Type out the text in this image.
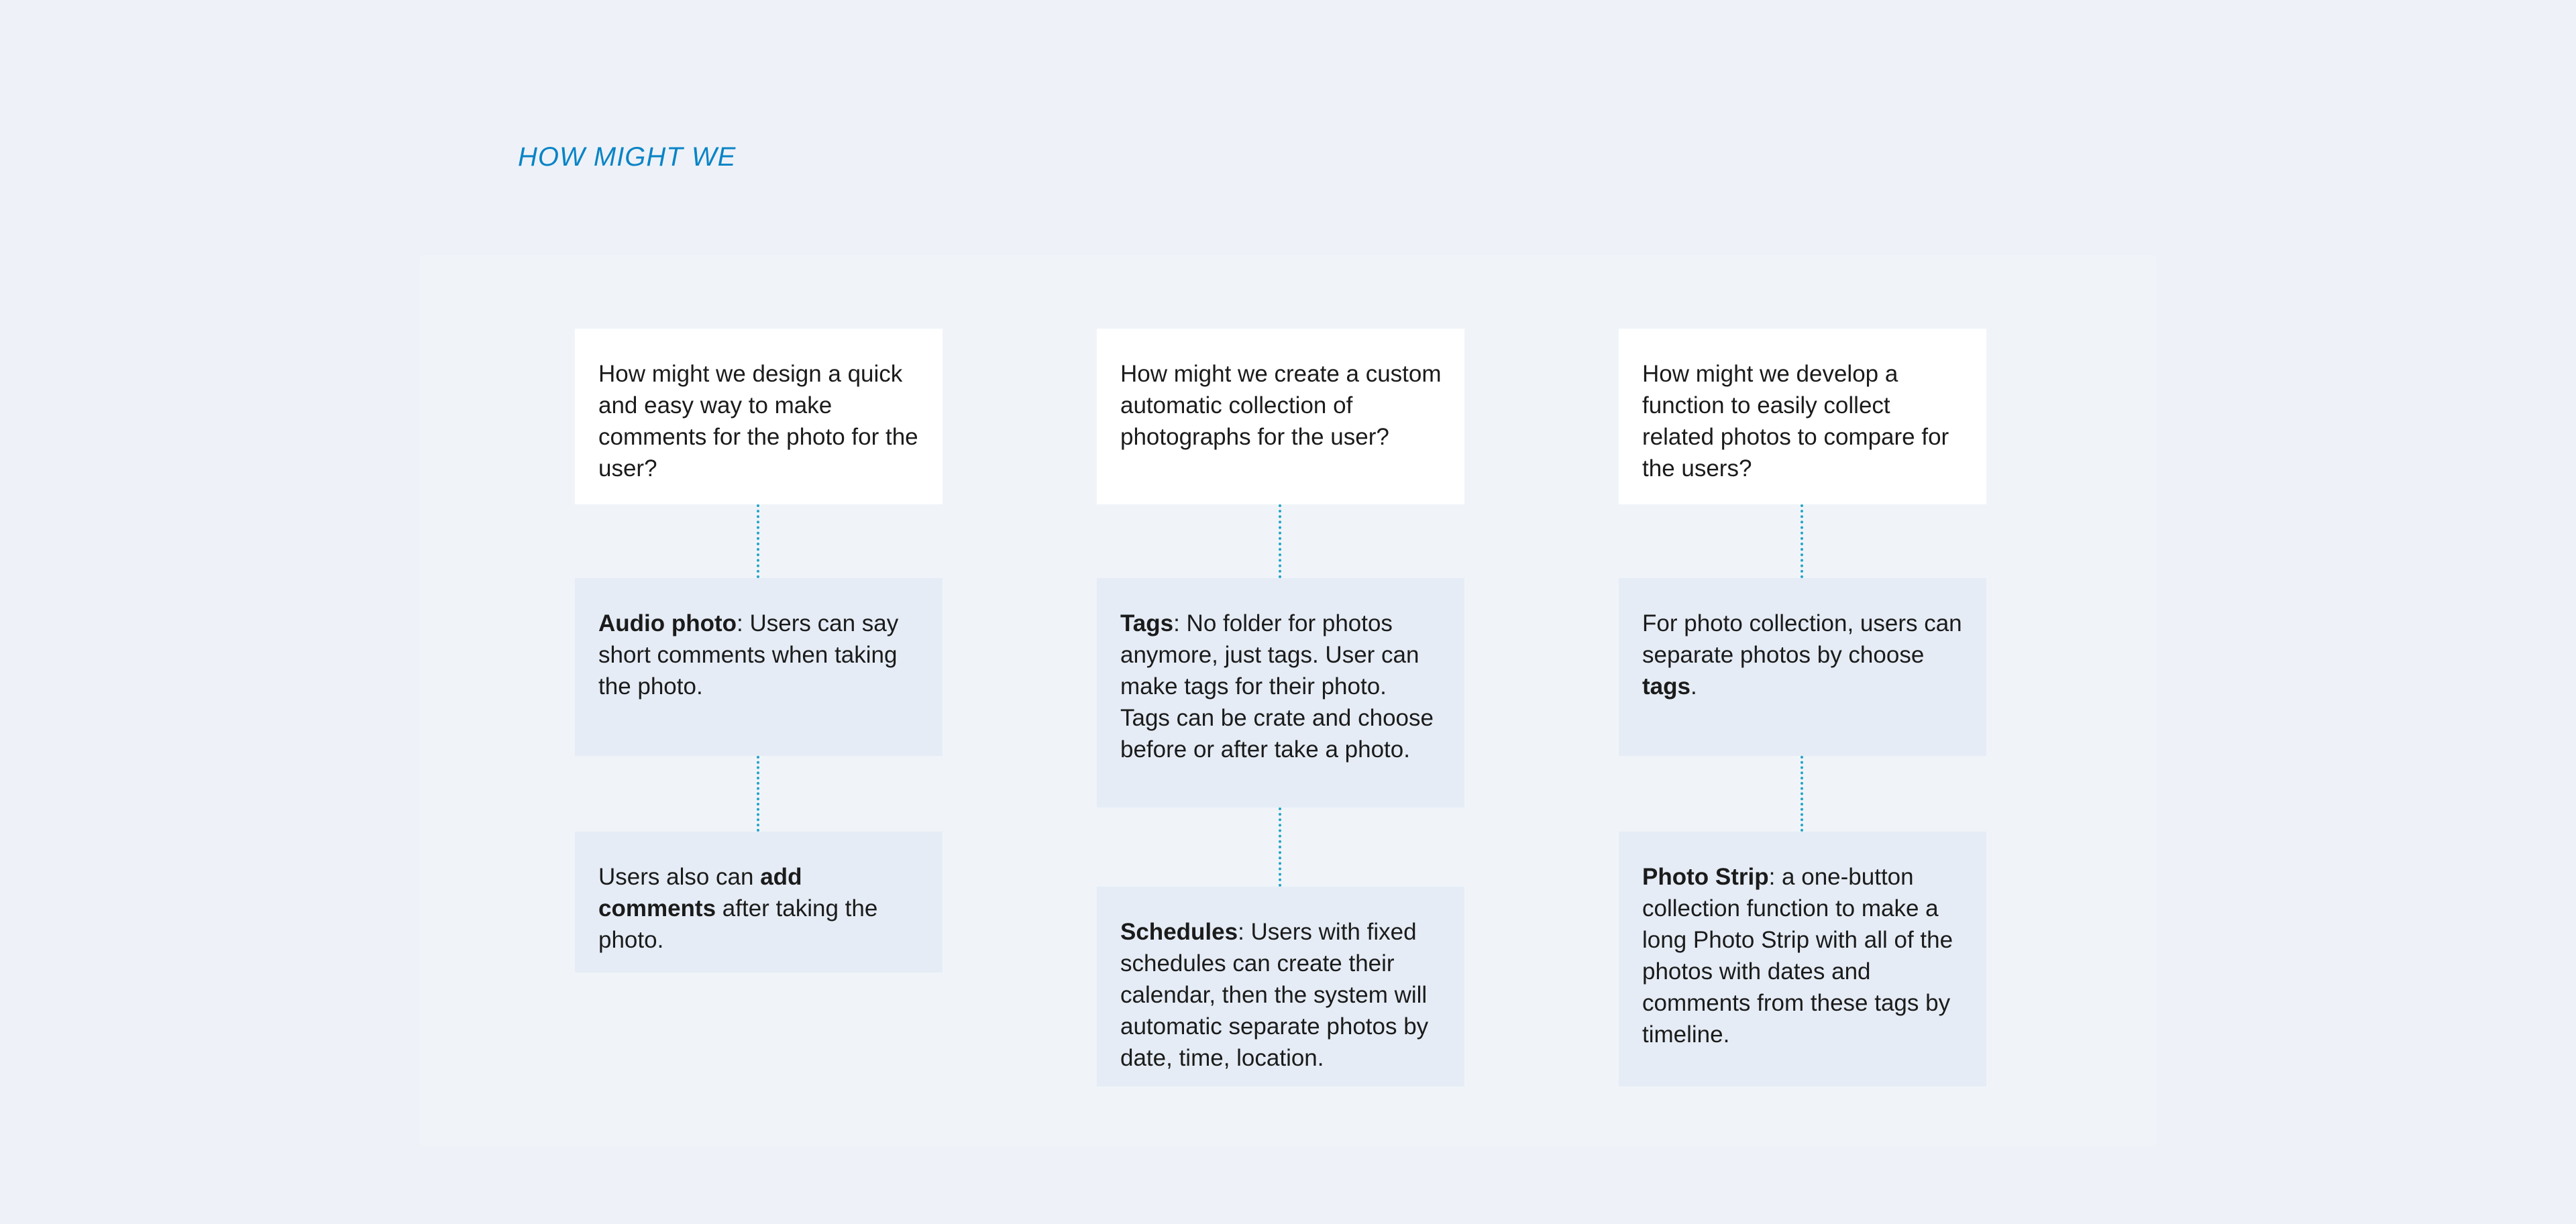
HOW MIGHT WE
How might we design a quick and easy way to make comments for the photo for the user?
Audio photo: Users can say short comments when taking the photo.
Users also can add comments after taking the photo.
How might we create a custom automatic collection of photographs for the user?
Tags: No folder for photos anymore, just tags. User can make tags for their photo. Tags can be crate and choose before or after take a photo.
Schedules: Users with fixed schedules can create their calendar, then the system will automatic separate photos by date, time, location.
How might we develop a function to easily collect related photos to compare for the users?
For photo collection, users can separate photos by choose tags.
Photo Strip: a one-button collection function to make a long Photo Strip with all of the photos with dates and comments from these tags by timeline.
